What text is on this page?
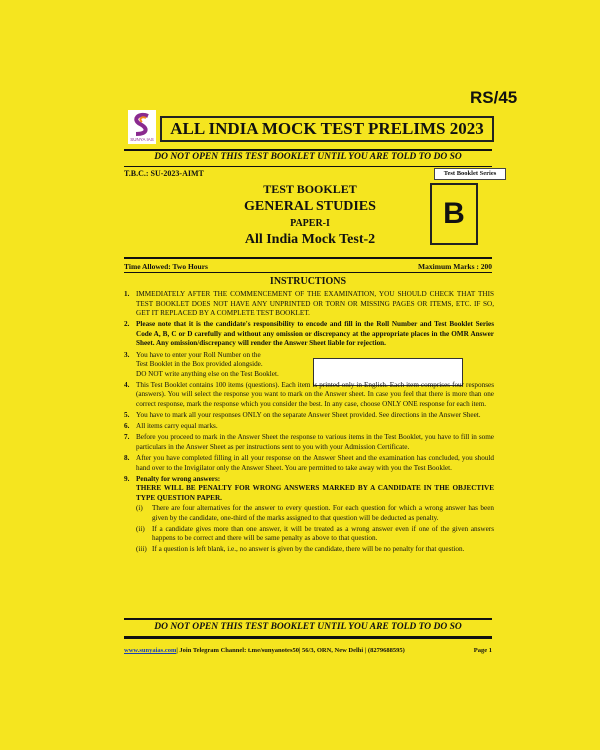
RS/45
SUNYA IAS
ALL INDIA MOCK TEST PRELIMS 2023
DO NOT OPEN THIS TEST BOOKLET UNTIL YOU ARE TOLD TO DO SO
T.B.C.: SU-2023-AIMT	Test Booklet Series
B
TEST BOOKLET
GENERAL STUDIES
PAPER-I
All India Mock Test-2
Time Allowed: Two Hours	Maximum Marks : 200
INSTRUCTIONS
1. IMMEDIATELY AFTER THE COMMENCEMENT OF THE EXAMINATION, YOU SHOULD CHECK THAT THIS TEST BOOKLET DOES NOT HAVE ANY UNPRINTED OR TORN OR MISSING PAGES OR ITEMS, ETC. IF SO, GET IT REPLACED BY A COMPLETE TEST BOOKLET.
2. Please note that it is the candidate's responsibility to encode and fill in the Roll Number and Test Booklet Series Code A, B, C or D carefully and without any omission or discrepancy at the appropriate places in the OMR Answer Sheet. Any omission/discrepancy will render the Answer Sheet liable for rejection.
3. You have to enter your Roll Number on the
Test Booklet in the Box provided alongside.
DO NOT write anything else on the Test Booklet.
4. This Test Booklet contains 100 items (questions). Each item is printed only in English. Each item comprises four responses (answers). You will select the response you want to mark on the Answer sheet. In case you feel that there is more than one correct response, mark the response which you consider the best. In any case, choose ONLY ONE response for each item.
5. You have to mark all your responses ONLY on the separate Answer Sheet provided. See directions in the Answer Sheet.
6. All items carry equal marks.
7. Before you proceed to mark in the Answer Sheet the response to various items in the Test Booklet, you have to fill in some particulars in the Answer Sheet as per instructions sent to you with your Admission Certificate.
8. After you have completed filling in all your response on the Answer Sheet and the examination has concluded, you should hand over to the Invigilator only the Answer Sheet. You are permitted to take away with you the Test Booklet.
9. Penalty for wrong answers:
THERE WILL BE PENALTY FOR WRONG ANSWERS MARKED BY A CANDIDATE IN THE OBJECTIVE TYPE QUESTION PAPER.
(i)	There are four alternatives for the answer to every question. For each question for which a wrong answer has been given by the candidate, one-third of the marks assigned to that question will be deducted as penalty.
(ii)	If a candidate gives more than one answer, it will be treated as a wrong answer even if one of the given answers happens to be correct and there will be same penalty as above to that question.
(iii) If a question is left blank, i.e., no answer is given by the candidate, there will be no penalty for that question.
DO NOT OPEN THIS TEST BOOKLET UNTIL YOU ARE TOLD TO DO SO
www.sunyaias.com| Join Telegram Channel: t.me/sunyanotes50| 56/3, ORN, New Delhi | (8279688595)	Page 1
